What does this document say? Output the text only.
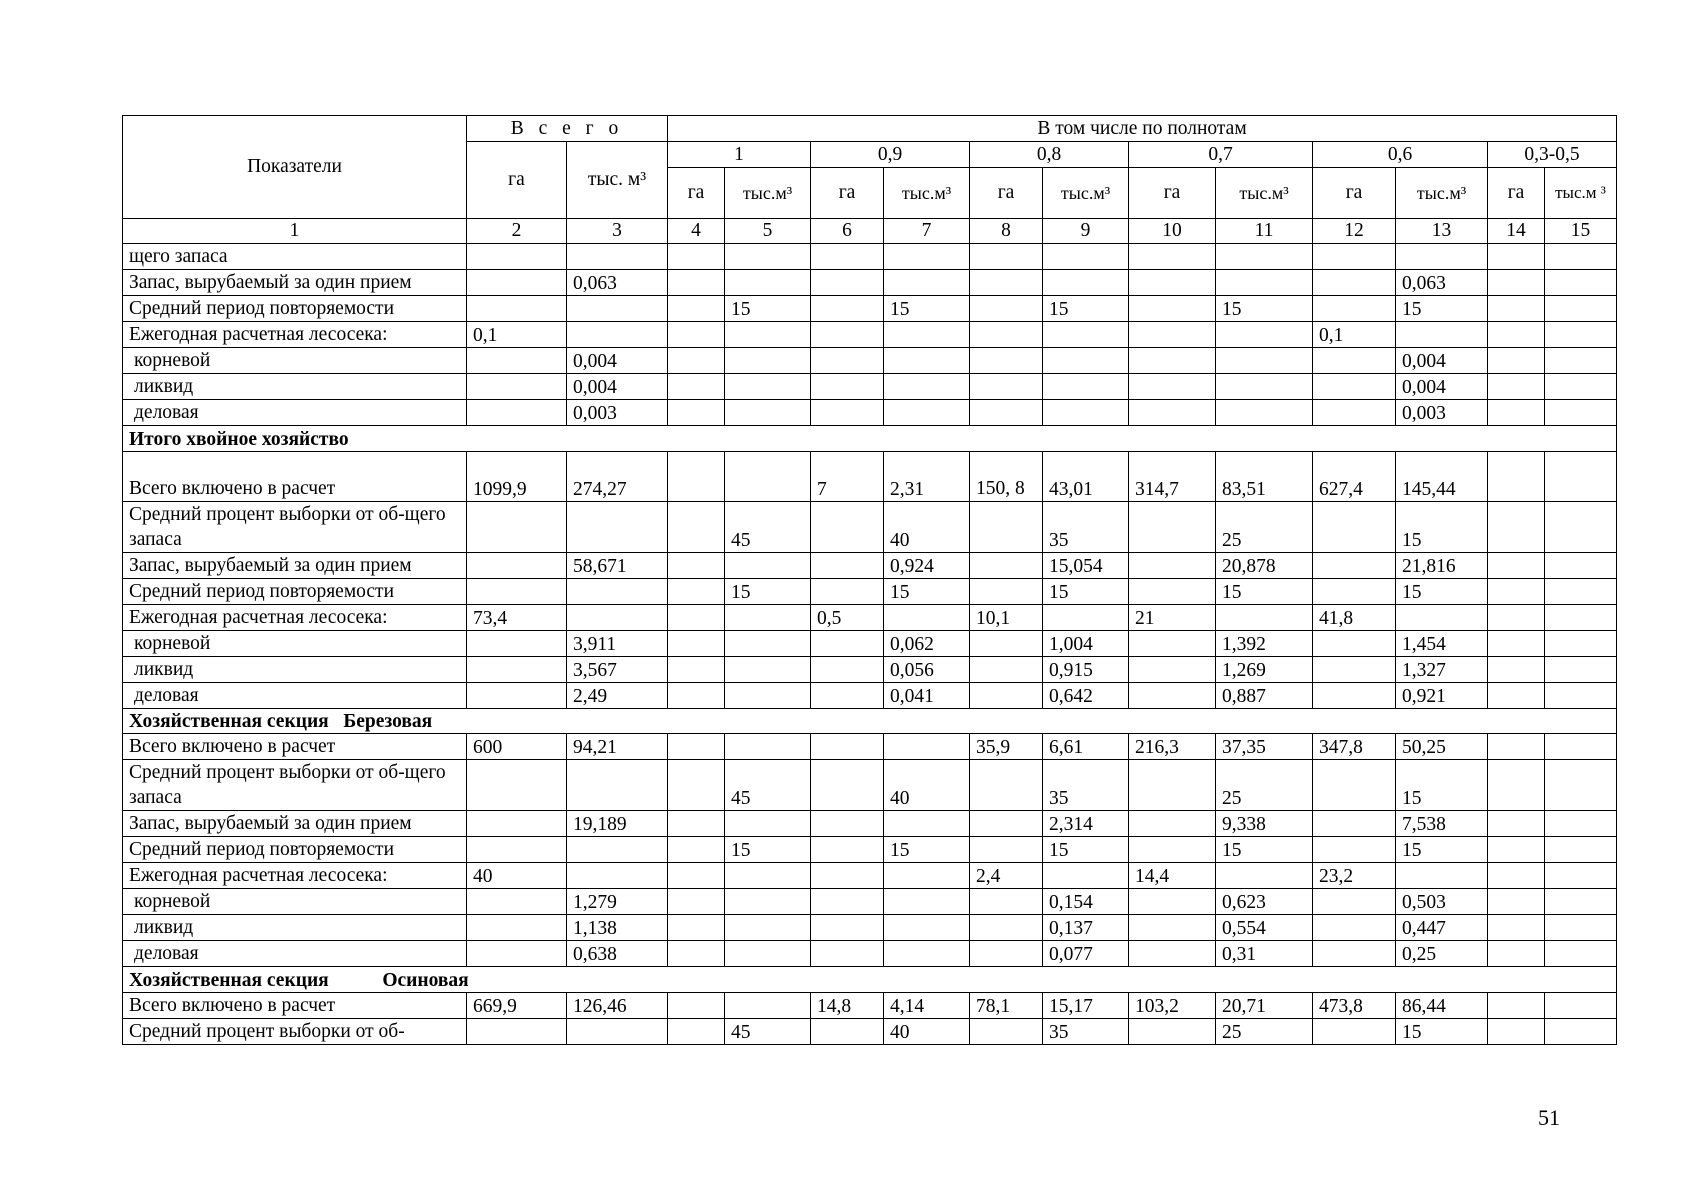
Показатели	В с е г о		В том числе по полнотам											
	га	тыс. м³	1		0,9		0,8		0,7		0,6		0,3-0,5	
			га	тыс.м³	га	тыс.м³	га	тыс.м³	га	тыс.м³	га	тыс.м³	га	тыс.м ³
1	2	3	4	5	6	7	8	9	10	11	12	13	14	15
щего запаса														
Запас, вырубаемый за один прием		0,063										0,063		
Средний период повторяемости				15		15		15		15		15		
Ежегодная расчетная лесосека:	0,1										0,1			
корневой		0,004										0,004		
ликвид		0,004										0,004		
деловая		0,003										0,003		
Итого хвойное хозяйство														
Всего включено в расчет	1099,9	274,27			7	2,31	150, 8	43,01	314,7	83,51	627,4	145,44		
Средний процент выборки от об-щего запаса				45		40		35		25		15		
Запас, вырубаемый за один прием		58,671				0,924		15,054		20,878		21,816		
Средний период повторяемости				15		15		15		15		15		
Ежегодная расчетная лесосека:	73,4				0,5		10,1		21		41,8			
корневой		3,911				0,062		1,004		1,392		1,454		
ликвид		3,567				0,056		0,915		1,269		1,327		
деловая		2,49				0,041		0,642		0,887		0,921		
Хозяйственная секция   Березовая														
Всего включено в расчет	600	94,21					35,9	6,61	216,3	37,35	347,8	50,25		
Средний процент выборки от об-щего запаса				45		40		35		25		15		
Запас, вырубаемый за один прием		19,189						2,314		9,338		7,538		
Средний период повторяемости				15		15		15		15		15		
Ежегодная расчетная лесосека:	40						2,4		14,4		23,2			
корневой		1,279						0,154		0,623		0,503		
ликвид		1,138						0,137		0,554		0,447		
деловая		0,638						0,077		0,31		0,25		
Хозяйственная секция           Осиновая														
Всего включено в расчет	669,9	126,46			14,8	4,14	78,1	15,17	103,2	20,71	473,8	86,44		
Средний процент выборки от об-				45		40		35		25		15		
51
